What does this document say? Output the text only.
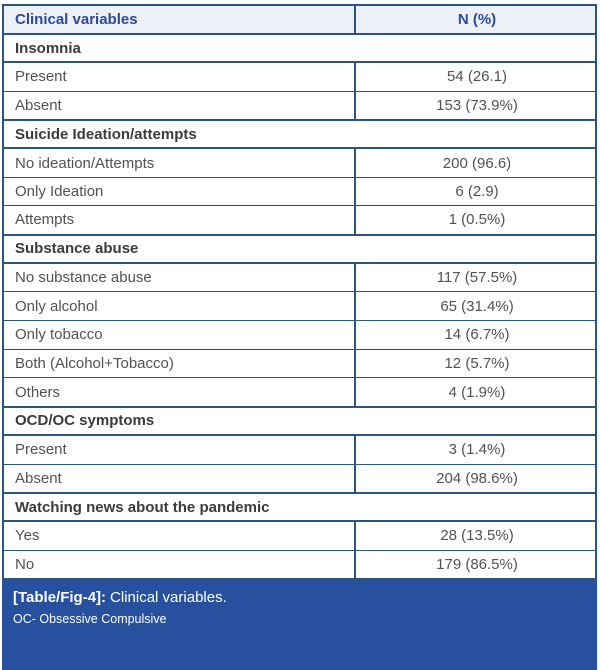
Clinical variables	N (%)
Insomnia	
Present	54 (26.1)
Absent	153 (73.9%)
Suicide Ideation/attempts	
No ideation/Attempts	200 (96.6)
Only Ideation	6 (2.9)
Attempts	1 (0.5%)
Substance abuse	
No substance abuse	117 (57.5%)
Only alcohol	65 (31.4%)
Only tobacco	14 (6.7%)
Both (Alcohol+Tobacco)	12 (5.7%)
Others	4 (1.9%)
OCD/OC symptoms	
Present	3 (1.4%)
Absent	204 (98.6%)
Watching news about the pandemic	
Yes	28 (13.5%)
No	179 (86.5%)
[Table/Fig-4]: Clinical variables.
OC- Obsessive Compulsive
